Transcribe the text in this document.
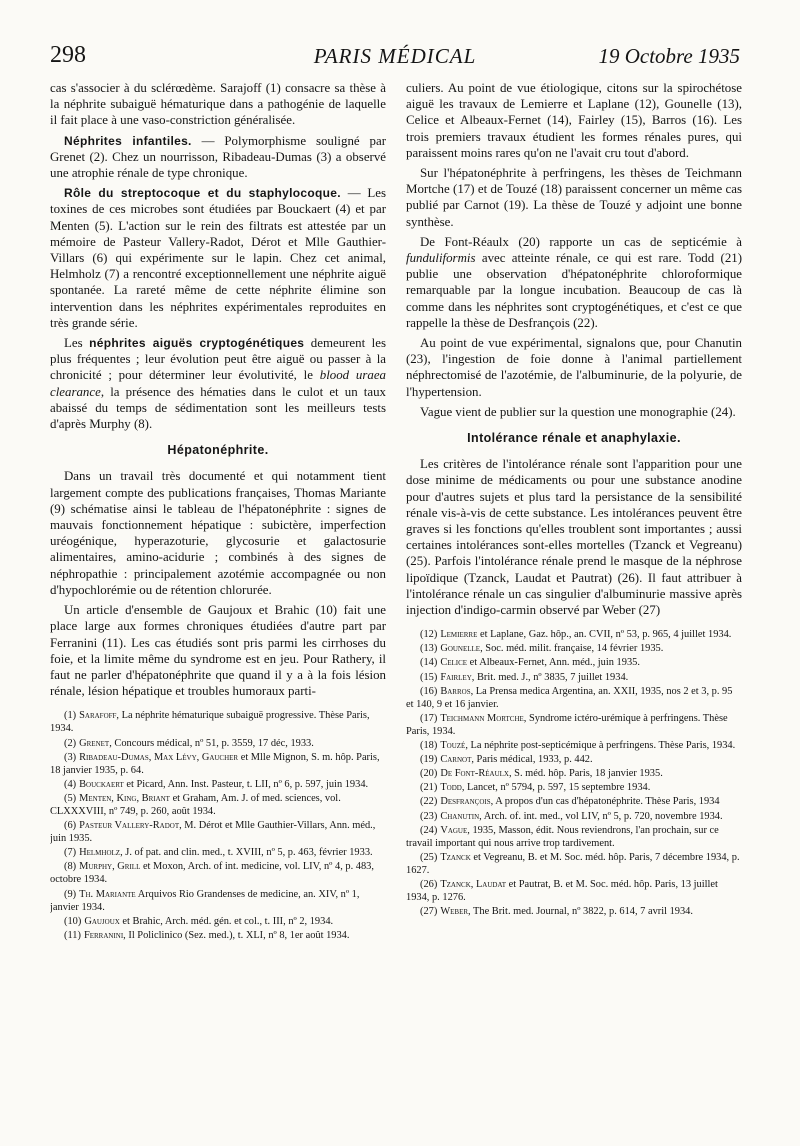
298	PARIS MÉDICAL	19 Octobre 1935

cas s'associer à du sclérœdème. Sarajoff (1) consacre sa thèse à la néphrite subaiguë hématurique dans a pathogénie de laquelle il fait place à une vaso-constriction généralisée.

Néphrites infantiles. — Polymorphisme souligné par Grenet (2). Chez un nourrisson, Ribadeau-Dumas (3) a observé une atrophie rénale de type chronique.

Rôle du streptocoque et du staphylocoque. — Les toxines de ces microbes sont étudiées par Bouckaert (4) et par Menten (5). L'action sur le rein des filtrats est attestée par un mémoire de Pasteur Vallery-Radot, Dérot et Mlle Gauthier-Villars (6) qui expérimente sur le lapin. Chez cet animal, Helmholz (7) a rencontré exceptionnellement une néphrite aiguë spontanée. La rareté même de cette néphrite élimine son intervention dans les néphrites expérimentales reproduites en très grande série.

Les néphrites aiguës cryptogénétiques demeurent les plus fréquentes ; leur évolution peut être aiguë ou passer à la chronicité ; pour déterminer leur évolutivité, le blood uraea clearance, la présence des hématies dans le culot et un taux abaissé du temps de sédimentation sont les meilleurs tests d'après Murphy (8).

Hépatonéphrite.

Dans un travail très documenté et qui notamment tient largement compte des publications françaises, Thomas Mariante (9) schématise ainsi le tableau de l'hépatonéphrite : signes de mauvais fonctionnement hépatique : subictère, imperfection uréogénique, hyperazoturie, glycosurie et galactosurie alimentaires, amino-acidurie ; combinés à des signes de néphropathie : principalement azotémie accompagnée ou non d'hypochlorémie ou de rétention chlorurée.

Un article d'ensemble de Gaujoux et Brahic (10) fait une place large aux formes chroniques étudiées d'autre part par Ferranini (11). Les cas étudiés sont pris parmi les cirrhoses du foie, et la limite même du syndrome est en jeu. Pour Rathery, il faut ne parler d'hépatonéphrite que quand il y a à la fois lésion rénale, lésion hépatique et troubles humoraux parti-

(1) Sarafoff, La néphrite hématurique subaiguë progressive. Thèse Paris, 1934.

(2) Grenet, Concours médical, nº 51, p. 3559, 17 déc, 1933.

(3) Ribadeau-Dumas, Max Lévy, Gaucher et Mlle Mignon, S. m. hôp. Paris, 18 janvier 1935, p. 64.

(4) Bouckaert et Picard, Ann. Inst. Pasteur, t. LII, nº 6, p. 597, juin 1934.

(5) Menten, King, Briant et Graham, Am. J. of med. sciences, vol. CLXXXVIII, nº 749, p. 260, août 1934.

(6) Pasteur Vallery-Radot, M. Dérot et Mlle Gauthier-Villars, Ann. méd., juin 1935.

(7) Helmholz, J. of pat. and clin. med., t. XVIII, nº 5, p. 463, février 1933.

(8) Murphy, Grill et Moxon, Arch. of int. medicine, vol. LIV, nº 4, p. 483, octobre 1934.

(9) Th. Mariante Arquivos Rio Grandenses de medicine, an. XIV, nº 1, janvier 1934.

(10) Gaujoux et Brahic, Arch. méd. gén. et col., t. III, nº 2, 1934.

(11) Ferranini, Il Policlinico (Sez. med.), t. XLI, nº 8, 1er août 1934.

culiers. Au point de vue étiologique, citons sur la spirochétose aiguë les travaux de Lemierre et Laplane (12), Gounelle (13), Celice et Albeaux-Fernet (14), Fairley (15), Barros (16). Les trois premiers travaux étudient les formes rénales pures, qui paraissent moins rares qu'on ne l'avait cru tout d'abord.

Sur l'hépatonéphrite à perfringens, les thèses de Teichmann Mortche (17) et de Touzé (18) paraissent concerner un même cas publié par Carnot (19). La thèse de Touzé y adjoint une bonne synthèse.

De Font-Réaulx (20) rapporte un cas de septicémie à funduliformis avec atteinte rénale, ce qui est rare. Todd (21) publie une observation d'hépatonéphrite chloroformique remarquable par la longue incubation. Beaucoup de cas là comme dans les néphrites sont cryptogénétiques, et c'est ce que rappelle la thèse de Desfrançois (22).

Au point de vue expérimental, signalons que, pour Chanutin (23), l'ingestion de foie donne à l'animal partiellement néphrectomisé de l'azotémie, de l'albuminurie, de la polyurie, de l'hypertension.

Vague vient de publier sur la question une monographie (24).

Intolérance rénale et anaphylaxie.

Les critères de l'intolérance rénale sont l'apparition pour une dose minime de médicaments ou pour une substance anodine pour d'autres sujets et plus tard la persistance de la sensibilité rénale vis-à-vis de cette substance. Les intolérances peuvent être graves si les fonctions qu'elles troublent sont importantes ; aussi certaines intolérances sont-elles mortelles (Tzanck et Vegreanu) (25). Parfois l'intolérance rénale prend le masque de la néphrose lipoïdique (Tzanck, Laudat et Pautrat) (26). Il faut attribuer à l'intolérance rénale un cas singulier d'albuminurie massive après injection d'indigo-carmin observé par Weber (27)

(12) Lemierre et Laplane, Gaz. hôp., an. CVII, nº 53, p. 965, 4 juillet 1934.

(13) Gounelle, Soc. méd. milit. française, 14 février 1935.

(14) Celice et Albeaux-Fernet, Ann. méd., juin 1935.

(15) Fairley, Brit. med. J., nº 3835, 7 juillet 1934.

(16) Barros, La Prensa medica Argentina, an. XXII, 1935, nos 2 et 3, p. 95 et 140, 9 et 16 janvier.

(17) Teichmann Mortche, Syndrome ictéro-urémique à perfringens. Thèse Paris, 1934.

(18) Touzé, La néphrite post-septicémique à perfringens. Thèse Paris, 1934.

(19) Carnot, Paris médical, 1933, p. 442.

(20) De Font-Réaulx, S. méd. hôp. Paris, 18 janvier 1935.

(21) Todd, Lancet, nº 5794, p. 597, 15 septembre 1934.

(22) Desfrançois, A propos d'un cas d'hépatonéphrite. Thèse Paris, 1934

(23) Chanutin, Arch. of. int. med., vol LIV, nº 5, p. 720, novembre 1934.

(24) Vague, 1935, Masson, édit. Nous reviendrons, l'an prochain, sur ce travail important qui nous arrive trop tardivement.

(25) Tzanck et Vegreanu, B. et M. Soc. méd. hôp. Paris, 7 décembre 1934, p. 1627.

(26) Tzanck, Laudat et Pautrat, B. et M. Soc. méd. hôp. Paris, 13 juillet 1934, p. 1276.

(27) Weber, The Brit. med. Journal, nº 3822, p. 614, 7 avril 1934.
